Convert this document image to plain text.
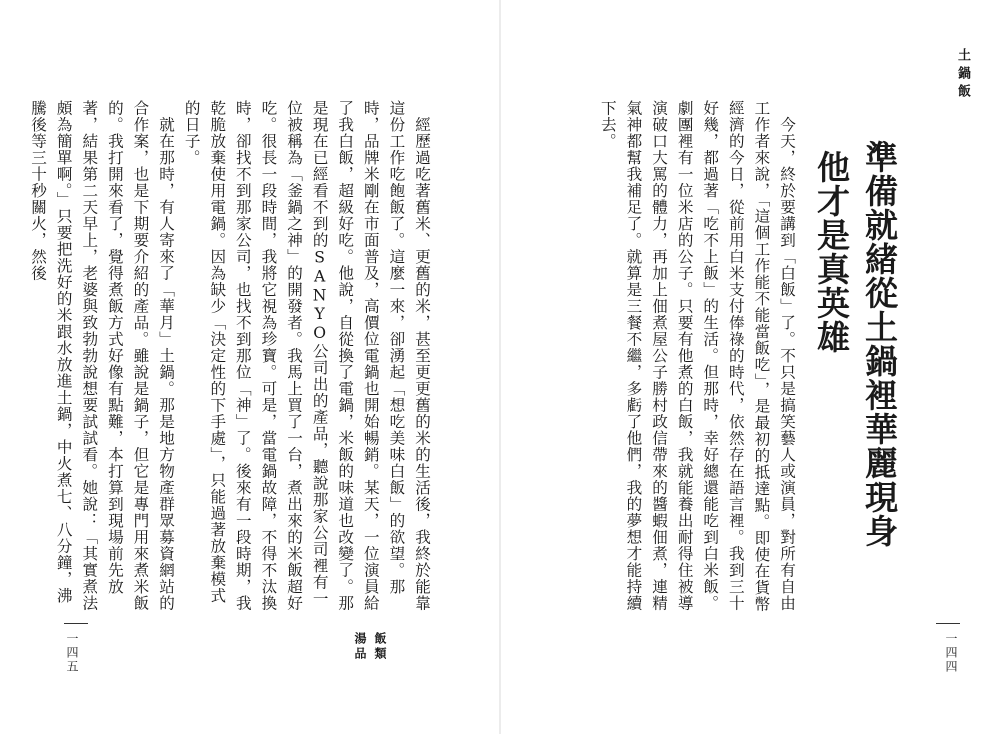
土鍋飯
準備就緒從土鍋裡華麗現身
他才是真英雄

　今天，終於要講到「白飯」了。不只是搞笑藝人或演員，對所有自由工作者來說，「這個工作能不能當飯吃」，是最初的抵達點。即使在貨幣經濟的今日，從前用白米支付俸祿的時代，依然存在語言裡。我到三十好幾，都過著「吃不上飯」的生活。但那時，幸好總還能吃到白米飯。劇團裡有一位米店的公子。只要有他煮的白飯，我就能養出耐得住被導演破口大罵的體力，再加上佃煮屋公子勝村政信帶來的醬蝦佃煮，連精氣神都幫我補足了。就算是三餐不繼，多虧了他們，我的夢想才能持續下去。

一四四

　經歷過吃著舊米、更舊的米，甚至更更舊的米的生活後，我終於能靠這份工作吃飽飯了。這麼一來，卻湧起「想吃美味白飯」的欲望。那時，品牌米剛在市面普及，高價位電鍋也開始暢銷。某天，一位演員給了我白飯，超級好吃。他說，自從換了電鍋，米飯的味道也改變了。那是現在已經看不到的SANYO公司出的產品，聽說那家公司裡有一位被稱為「釜鍋之神」的開發者。我馬上買了一台，煮出來的米飯超好吃。很長一段時間，我將它視為珍寶。可是，當電鍋故障，不得不汰換時，卻找不到那家公司，也找不到那位「神」了。後來有一段時期，我乾脆放棄使用電鍋。因為缺少「決定性的下手處」，只能過著放棄模式的日子。

　就在那時，有人寄來了「華月」土鍋。那是地方物產群眾募資網站的合作案，也是下期要介紹的產品。雖說是鍋子，但它是專門用來煮米飯的。我打開來看了，覺得煮飯方式好像有點難，本打算到現場前先放著，結果第二天早上，老婆與致勃勃說想要試試看。她說：「其實煮法頗為簡單啊。」只要把洗好的米跟水放進土鍋，中火煮七、八分鐘，沸騰後等三十秒關火，然後

飯類
湯品
一四五
